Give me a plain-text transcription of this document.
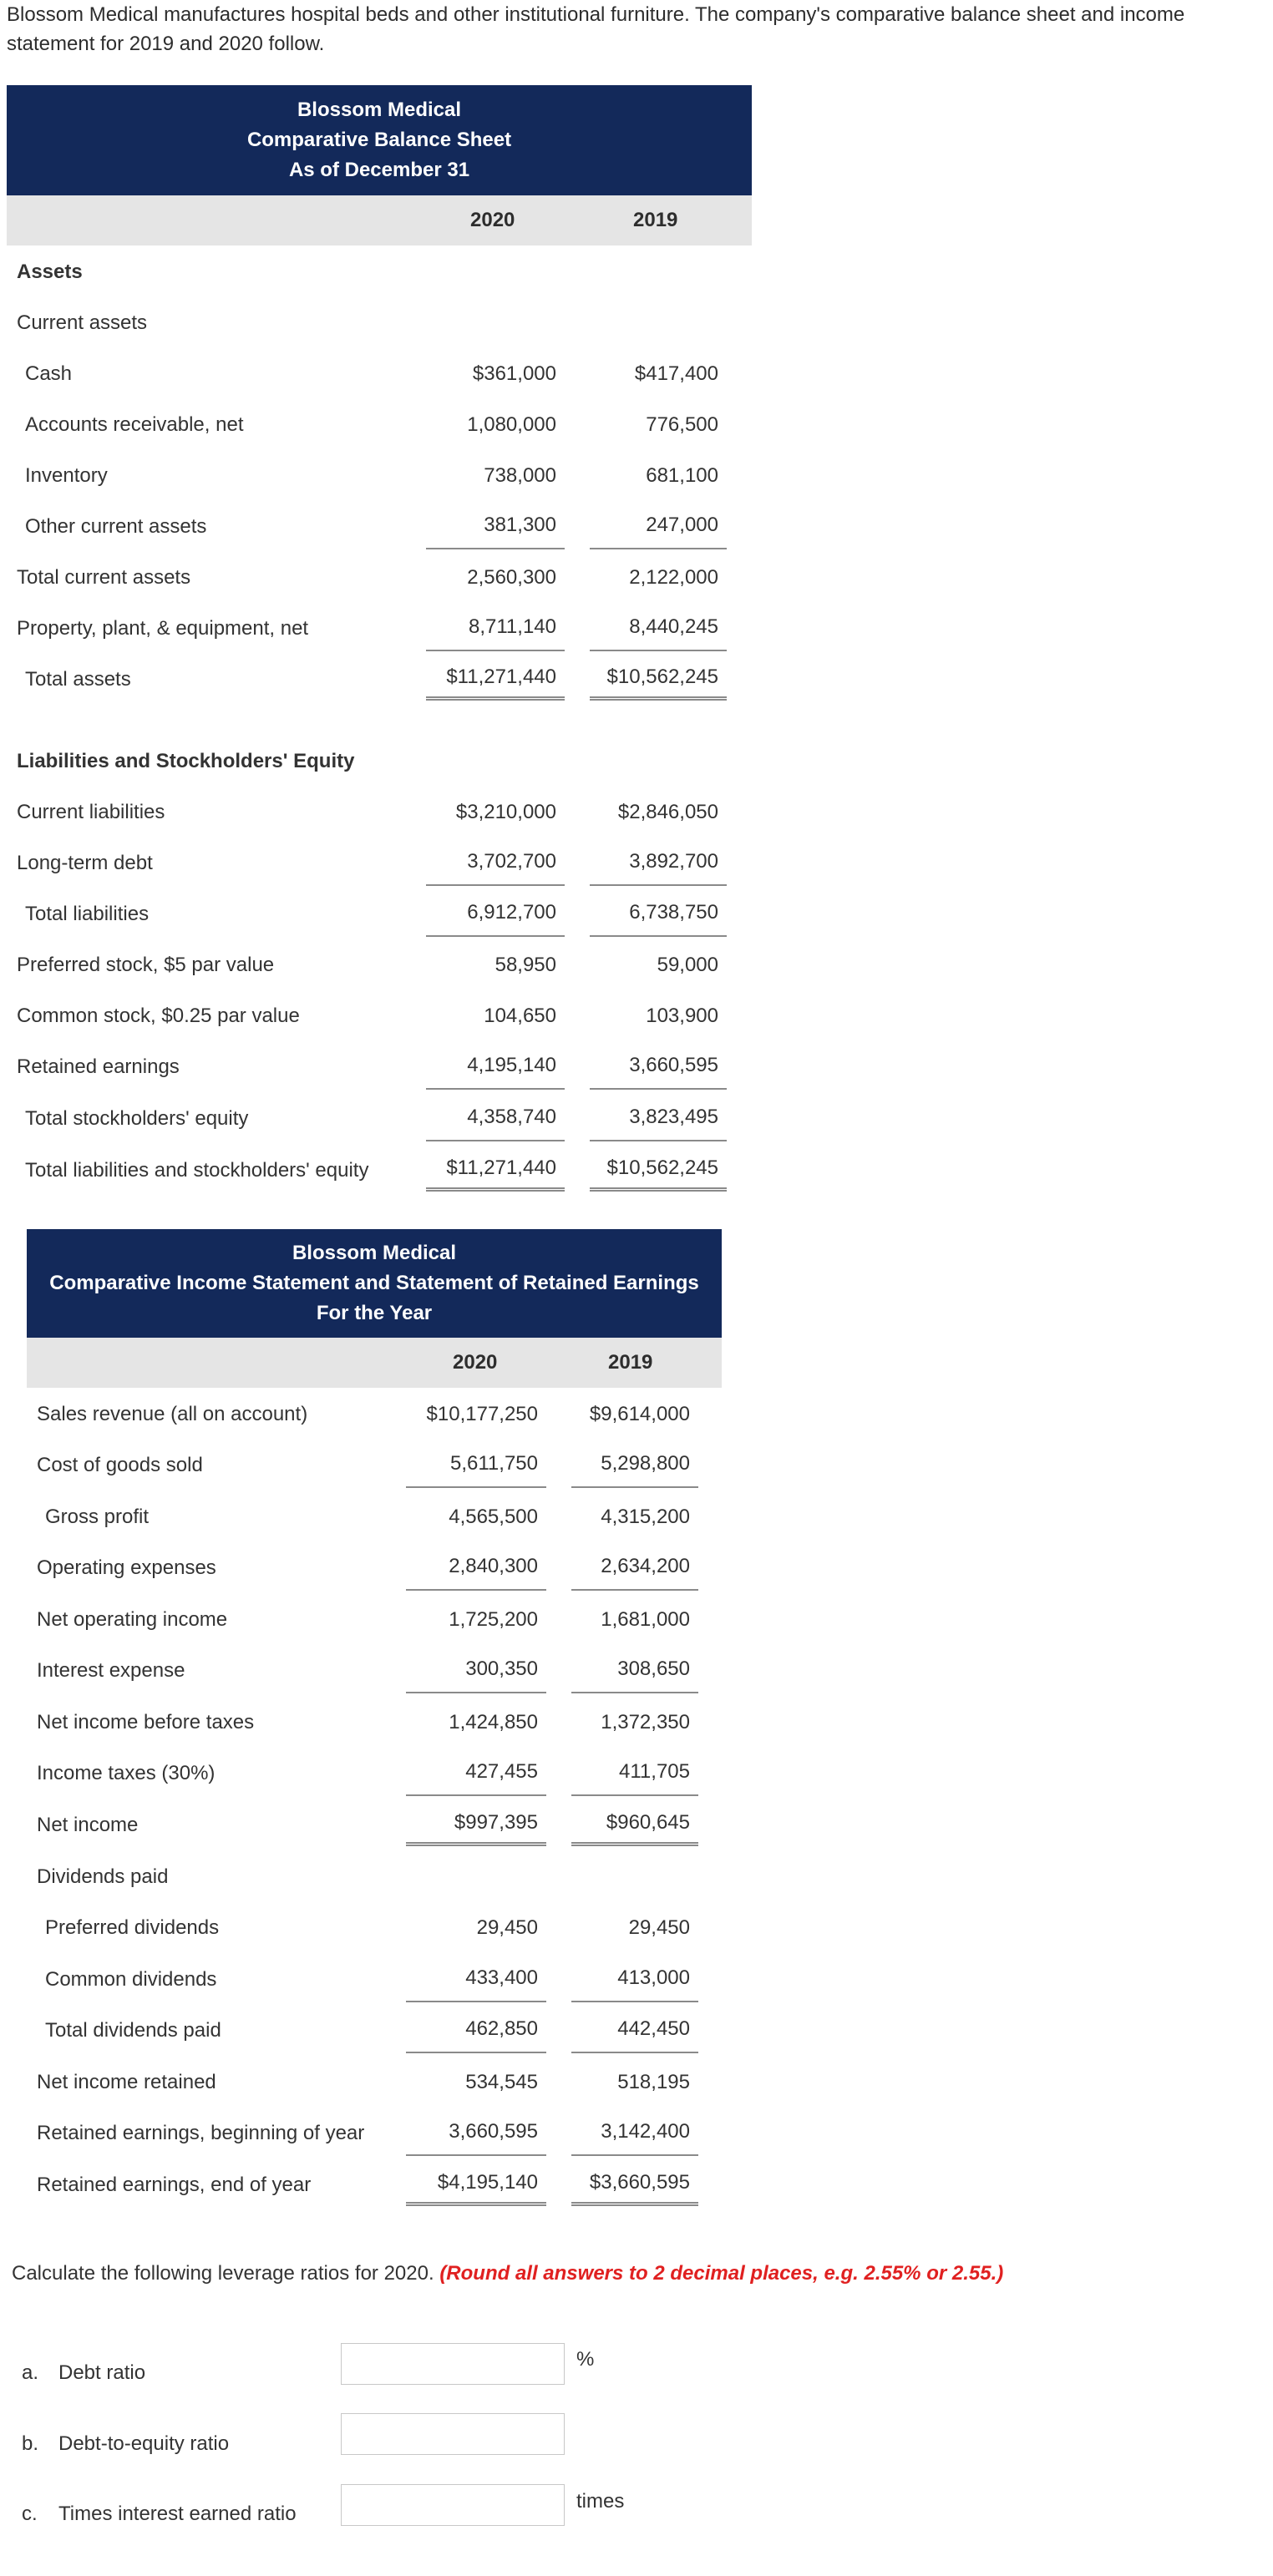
Blossom Medical manufactures hospital beds and other institutional furniture. The company's comparative balance sheet and income statement for 2019 and 2020 follow.
Blossom Medical
Comparative Balance Sheet
As of December 31
2020	2019
Assets
Current assets
Cash	$361,000	$417,400
Accounts receivable, net	1,080,000	776,500
Inventory	738,000	681,100
Other current assets	381,300	247,000
Total current assets	2,560,300	2,122,000
Property, plant, & equipment, net	8,711,140	8,440,245
Total assets	$11,271,440	$10,562,245
Liabilities and Stockholders' Equity
Current liabilities	$3,210,000	$2,846,050
Long-term debt	3,702,700	3,892,700
Total liabilities	6,912,700	6,738,750
Preferred stock, $5 par value	58,950	59,000
Common stock, $0.25 par value	104,650	103,900
Retained earnings	4,195,140	3,660,595
Total stockholders' equity	4,358,740	3,823,495
Total liabilities and stockholders' equity	$11,271,440	$10,562,245
Blossom Medical
Comparative Income Statement and Statement of Retained Earnings
For the Year
2020	2019
Sales revenue (all on account)	$10,177,250	$9,614,000
Cost of goods sold	5,611,750	5,298,800
Gross profit	4,565,500	4,315,200
Operating expenses	2,840,300	2,634,200
Net operating income	1,725,200	1,681,000
Interest expense	300,350	308,650
Net income before taxes	1,424,850	1,372,350
Income taxes (30%)	427,455	411,705
Net income	$997,395	$960,645
Dividends paid
Preferred dividends	29,450	29,450
Common dividends	433,400	413,000
Total dividends paid	462,850	442,450
Net income retained	534,545	518,195
Retained earnings, beginning of year	3,660,595	3,142,400
Retained earnings, end of year	$4,195,140	$3,660,595
Calculate the following leverage ratios for 2020. (Round all answers to 2 decimal places, e.g. 2.55% or 2.55.)
a. Debt ratio
%
b. Debt-to-equity ratio
c. Times interest earned ratio
times
